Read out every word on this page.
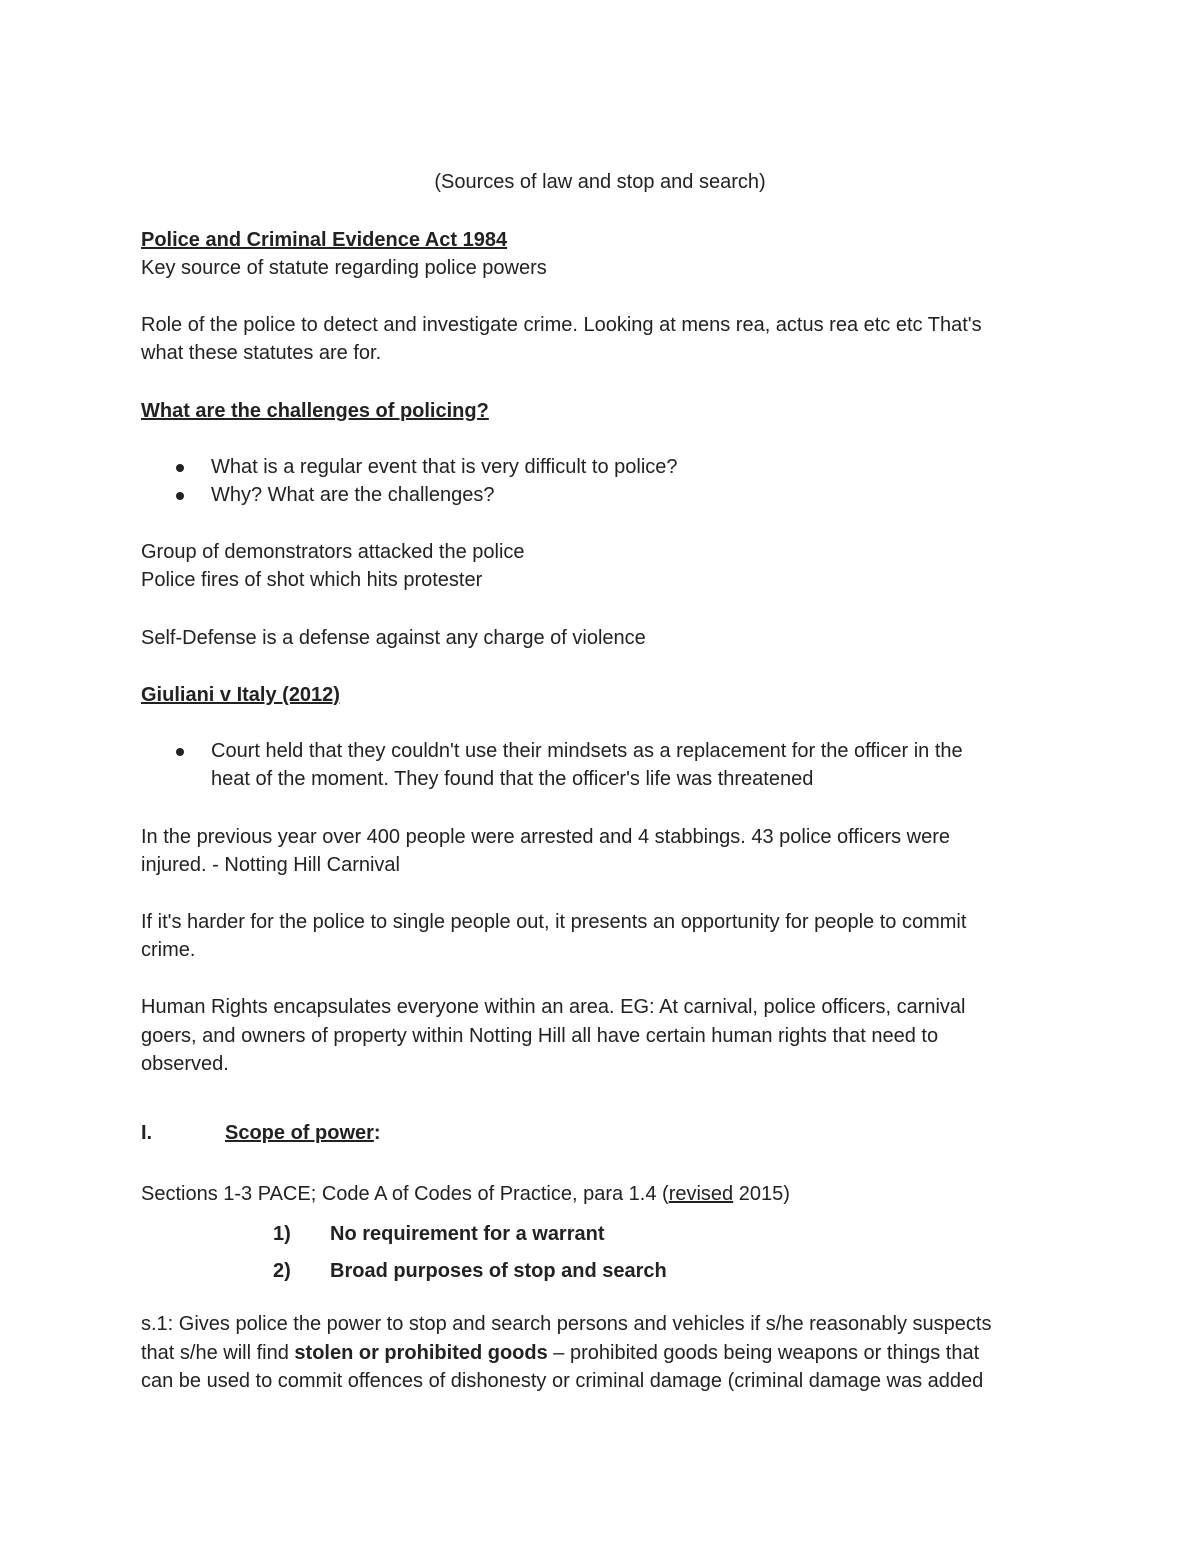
(Sources of law and stop and search)

Police and Criminal Evidence Act 1984

Key source of statute regarding police powers

Role of the police to detect and investigate crime. Looking at mens rea, actus rea etc etc That's

what these statutes are for.

What are the challenges of policing?

What is a regular event that is very difficult to police?

Why? What are the challenges?

Group of demonstrators attacked the police

Police fires of shot which hits protester

Self-Defense is a defense against any charge of violence

Giuliani v Italy (2012)

Court held that they couldn't use their mindsets as a replacement for the officer in the

heat of the moment. They found that the officer's life was threatened

In the previous year over 400 people were arrested and 4 stabbings. 43 police officers were

injured. - Notting Hill Carnival

If it's harder for the police to single people out, it presents an opportunity for people to commit

crime.

Human Rights encapsulates everyone within an area. EG: At carnival, police officers, carnival

goers, and owners of property within Notting Hill all have certain human rights that need to

observed.

I.	Scope of power:

Sections 1-3 PACE; Code A of Codes of Practice, para 1.4 (revised 2015)

1) No requirement for a warrant

2) Broad purposes of stop and search

s.1: Gives police the power to stop and search persons and vehicles if s/he reasonably suspects

that s/he will find stolen or prohibited goods – prohibited goods being weapons or things that

can be used to commit offences of dishonesty or criminal damage (criminal damage was added
